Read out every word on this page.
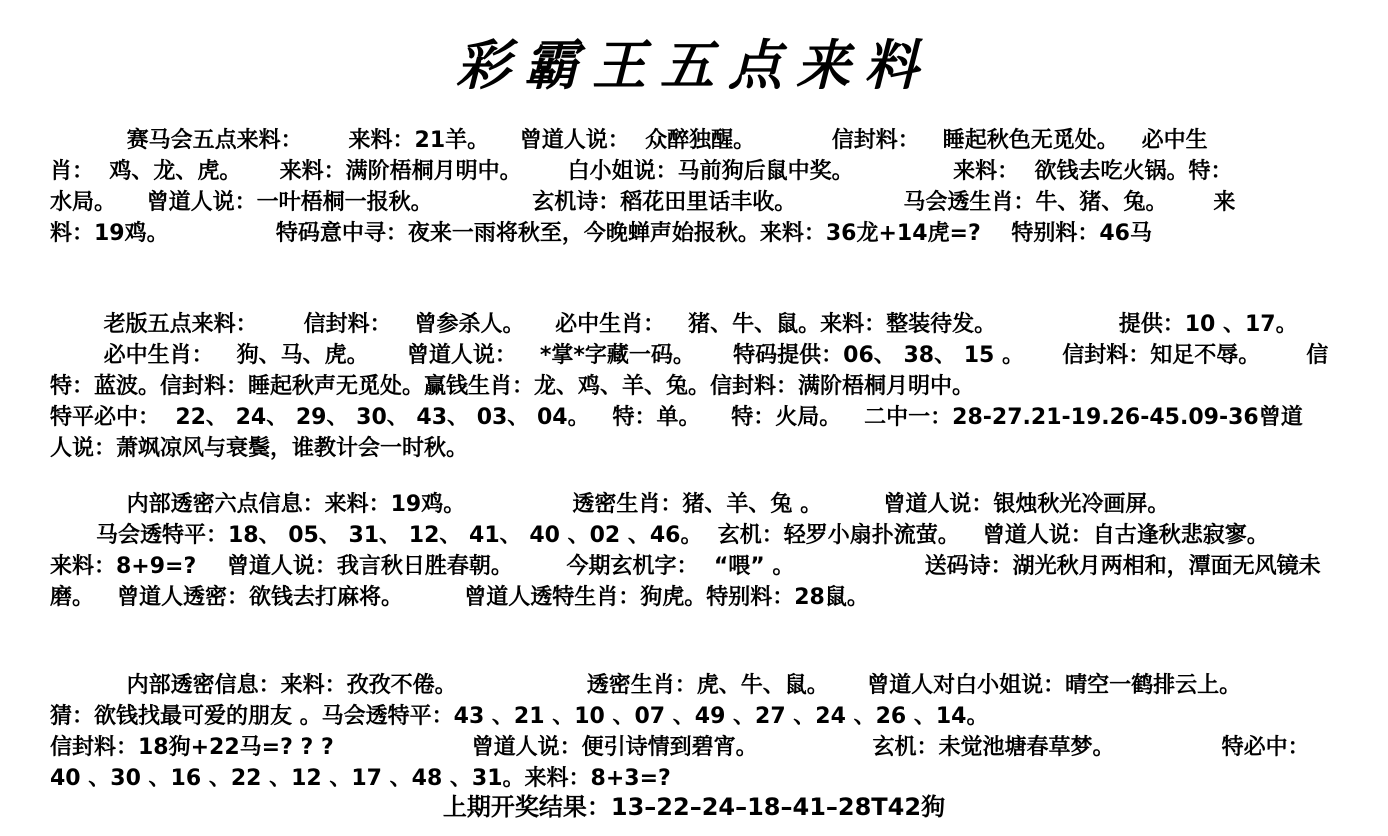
彩霸王五点来料
赛马会五点来料：      来料：21羊。    曾道人说：  众醉独醒。          信封料：   睡起秋色无觅处。   必中生
肖：  鸡、龙、虎。     来料：满阶梧桐月明中。      白小姐说：马前狗后鼠中奖。             来料：  欲钱去吃火锅。特：
水局。    曾道人说：一叶梧桐一报秋。             玄机诗：稻花田里话丰收。              马会透生肖：牛、猪、兔。      来
料：19鸡。              特码意中寻：夜来一雨将秋至，今晚蝉声始报秋。来料：36龙+14虎=?    特别料：46马
老版五点来料：      信封料：   曾参杀人。    必中生肖：   猪、牛、鼠。来料：整装待发。                提供：10 、17。
必中生肖：   狗、马、虎。     曾道人说：   *掌*字藏一码。     特码提供：06、 38、 15 。     信封料：知足不辱。      信
特：蓝波。信封料：睡起秋声无觅处。赢钱生肖：龙、鸡、羊、兔。信封料：满阶梧桐月明中。
特平必中：  22、 24、 29、 30、 43、 03、 04。   特：单。    特：火局。   二中一：28-27.21-19.26-45.09-36曾道
人说：萧飒凉风与衰鬓，谁教计会一时秋。
内部透密六点信息：来料：19鸡。              透密生肖：猪、羊、兔 。        曾道人说：银烛秋光冷画屏。
马会透特平：18、 05、 31、 12、 41、 40 、02 、46。  玄机：轻罗小扇扑流萤。   曾道人说：自古逢秋悲寂寥。
来料：8+9=?    曾道人说：我言秋日胜春朝。       今期玄机字：  “喂” 。                 送码诗：湖光秋月两相和，潭面无风镜未
磨。   曾道人透密：欲钱去打麻将。        曾道人透特生肖：狗虎。特别料：28鼠。
内部透密信息：来料：孜孜不倦。                 透密生肖：虎、牛、鼠。     曾道人对白小姐说：晴空一鹤排云上。
猜：欲钱找最可爱的朋友 。马会透特平：43 、21 、10 、07 、49 、27 、24 、26 、14。
信封料：18狗+22马=? ? ?                  曾道人说：便引诗情到碧宵。               玄机：未觉池塘春草梦。              特必中：
40 、30 、16 、22 、12 、17 、48 、31。来料：8+3=?
上期开奖结果：13–22–24–18–41–28T42狗
